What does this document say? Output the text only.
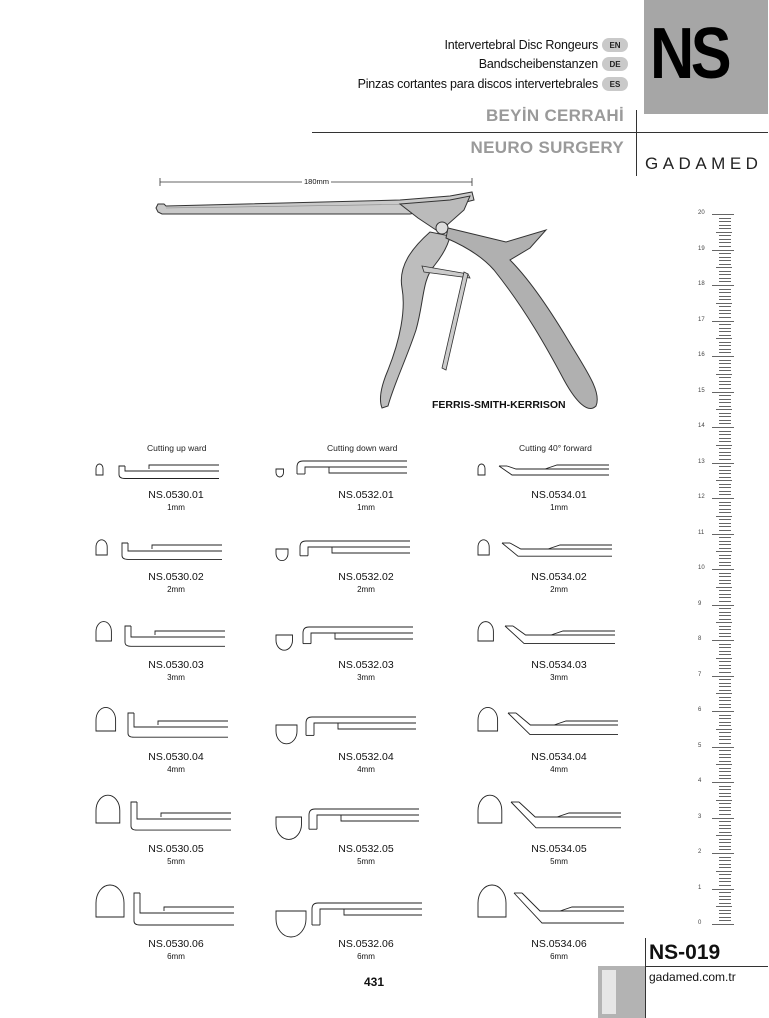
Intervertebral Disc Rongeurs	EN
Bandscheibenstanzen	DE
Pinzas cortantes para discos intervertebrales	ES NS
BEYİN CERRAHİ
NEURO SURGERY
GADAMED
180mm
FERRIS-SMITH-KERRISON
Cutting up ward	Cutting down ward	Cutting 40° forward
NS.0530.01
1mm
NS.0530.02
2mm
NS.0530.03
3mm
NS.0530.04
4mm
NS.0530.05
5mm
NS.0530.06
6mm
NS.0532.01
1mm
NS.0532.02
2mm
NS.0532.03
3mm
NS.0532.04
4mm
NS.0532.05
5mm
NS.0532.06
6mm
NS.0534.01
1mm
NS.0534.02
2mm
NS.0534.03
3mm
NS.0534.04
4mm
NS.0534.05
5mm
NS.0534.06
6mm
20
19
18
17
16
15
14
13
12
11
10
9
8
7
6
5
4
3
2
1
0
431
NS-019
gadamed.com.tr
